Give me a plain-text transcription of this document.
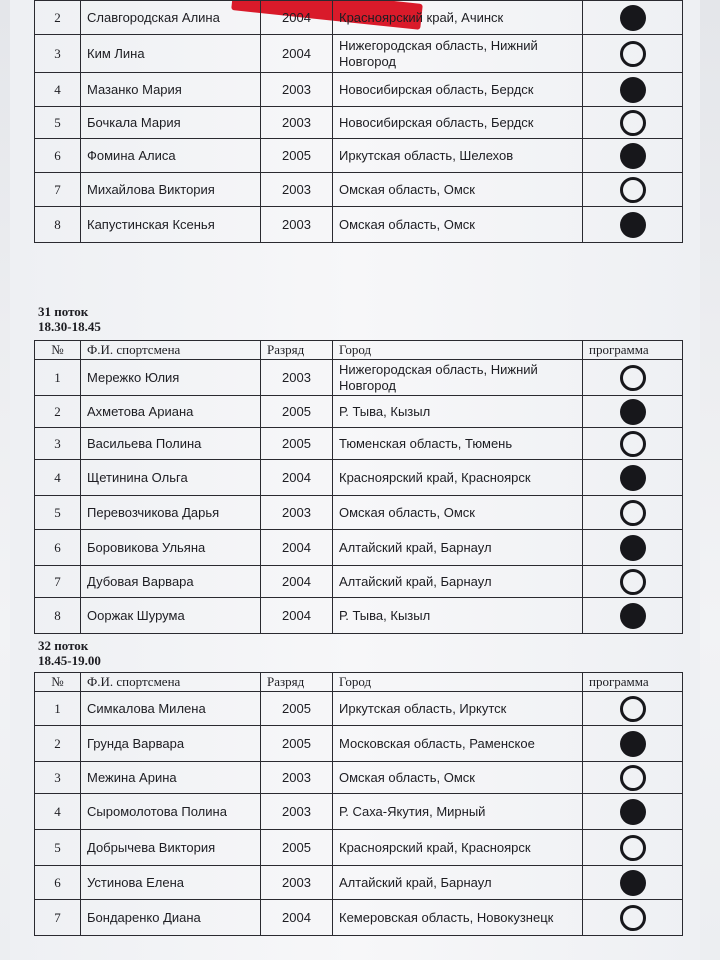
2	Славгородская Алина	2004	Красноярский край, Ачинск	
3	Ким Лина	2004	Нижегородская область, Нижний Новгород	
4	Мазанко Мария	2003	Новосибирская область, Бердск	
5	Бочкала Мария	2003	Новосибирская область, Бердск	
6	Фомина Алиса	2005	Иркутская область, Шелехов	
7	Михайлова Виктория	2003	Омская область, Омск	
8	Капустинская Ксенья	2003	Омская область, Омск	
31 поток
18.30-18.45
№	Ф.И. спортсмена	Разряд	Город	программа
1	Мережко Юлия	2003	Нижегородская область, Нижний Новгород	
2	Ахметова Ариана	2005	Р. Тыва, Кызыл	
3	Васильева Полина	2005	Тюменская область, Тюмень	
4	Щетинина Ольга	2004	Красноярский край, Красноярск	
5	Перевозчикова Дарья	2003	Омская область, Омск	
6	Боровикова Ульяна	2004	Алтайский край, Барнаул	
7	Дубовая Варвара	2004	Алтайский край, Барнаул	
8	Ооржак Шурума	2004	Р. Тыва, Кызыл	
32 поток
18.45-19.00
№	Ф.И. спортсмена	Разряд	Город	программа
1	Симкалова Милена	2005	Иркутская область, Иркутск	
2	Грунда Варвара	2005	Московская область, Раменское	
3	Межина Арина	2003	Омская область, Омск	
4	Сыромолотова Полина	2003	Р. Саха-Якутия, Мирный	
5	Добрычева Виктория	2005	Красноярский край, Красноярск	
6	Устинова Елена	2003	Алтайский край, Барнаул	
7	Бондаренко Диана	2004	Кемеровская область, Новокузнецк	
